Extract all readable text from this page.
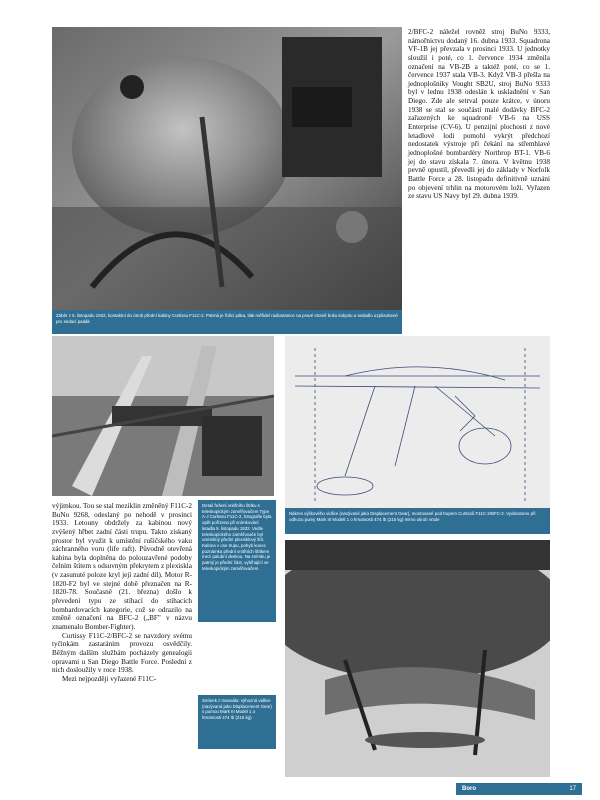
Záběr z 5. listopadu 1932, kontaktní do útrob přední kabiny Curtissu F11C-2. Patrná je řídicí páka, tlak měřidel radiostanice na pravé straně boku kokpitu a sedadlo uzpůsobené pro sedací padák

2/BFC-2 náležel rovněž stroj BuNo 9333, námořnictvu dodaný 16. dubna 1933. Squadrona VF-1B jej převzala v prosinci 1933. U jednotky sloužil i poté, co 1. července 1934 změnila označení na VB-2B a taktéž poté, co se 1. července 1937 stala VB-3. Když VB-3 přešla na jednoplošníky Vought SB2U, stroj BuNo 9333 byl v lednu 1938 odeslán k uskladnění v San Diego. Zde ale setrval pouze krátce, v únoru 1938 se stal se součástí malé dodávky BFC-2 zařazených ke squadroně VB-6 na USS Enterprise (CV-6). U penzijní plochosti z nové letadlové lodi pomohl vykrýt předchozí nedostatek výstroje při čekání na střemhlavé jednoplošné bombardéry Northrop BT-1. VB-6 jej do stavu získala 7. února. V květnu 1938 pevně opustil, převedli jej do základy v Norfolk Battle Force a 28. listopadu definitivně uznáni po objevení trhlin na motorovém loži. Vyřazen ze stavu US Navy byl 29. dubna 1939.

Nákres výškového vidlice (nazývané jako Displacement Gear), montované pod trupem Curtissů F11C-2/BFC-2. Vyobrazeno při odhozu pumy Mark III Modell 1 o hmotnosti 474 lb (215 kg) mimo okruh vrtule

výjimkou. Tou se stal meziklin změněný F11C-2 BuNo 9268, odeslaný po nehodě v prosinci 1933. Letouny obdržely za kabinou nový zvýšený hřbet zadní části trupu. Takto získaný prostor byl využit k umístění rušičského vaku záchranného voru (life raft). Původně otevřená kabina byla doplněna do polouzavřené podoby čelním štítem s odsuvným překrytem z plexiskla (v zasunuté poloze kryl její zadní díl). Motor R-1820-F2 byl ve stejné době přeznačen na R-1820-78. Současně (21. března) došlo k převedení typu ze stíhací do stíhacích bombardovacích kategorie, což se odrazilo na změně označení na BFC-2 („BF" v názvu znamenalo Bomber-Fighter).

Curtissy F11C-2/BFC-2 se navzdory svému tyčinkám zastaráním provozu osvědčily. Běžným dalším službám pocházely genealogii opravami u San Diego Battle Force. Poslední z nich dosloužily v roce 1938.

Mezi nejpozději vyřazené F11C-

Detail řešení vnitřního štítku s teleskopickým zaměřovačem Type A-J Curtissu F11C-2, fotografie byla opět pořízena při snímkování letadla 5. listopadu 1932. Vedle teleskopického zaměřovače byl umístěný přední plexisklový štít. Kabina v ose trupu, pohyb konec poznámka přední vnitřních štítkem mezi palubní deskou. Na snímku je patrný je přední část, vybíhající ve teleskopickým zaměřovačem
Snímek z manuálu: výhozná vidlice (nazývaná jako Displacement Gear) s pumou Mark III Model 1 o hmotnosti 474 lb (215 kg)
Boro	17
